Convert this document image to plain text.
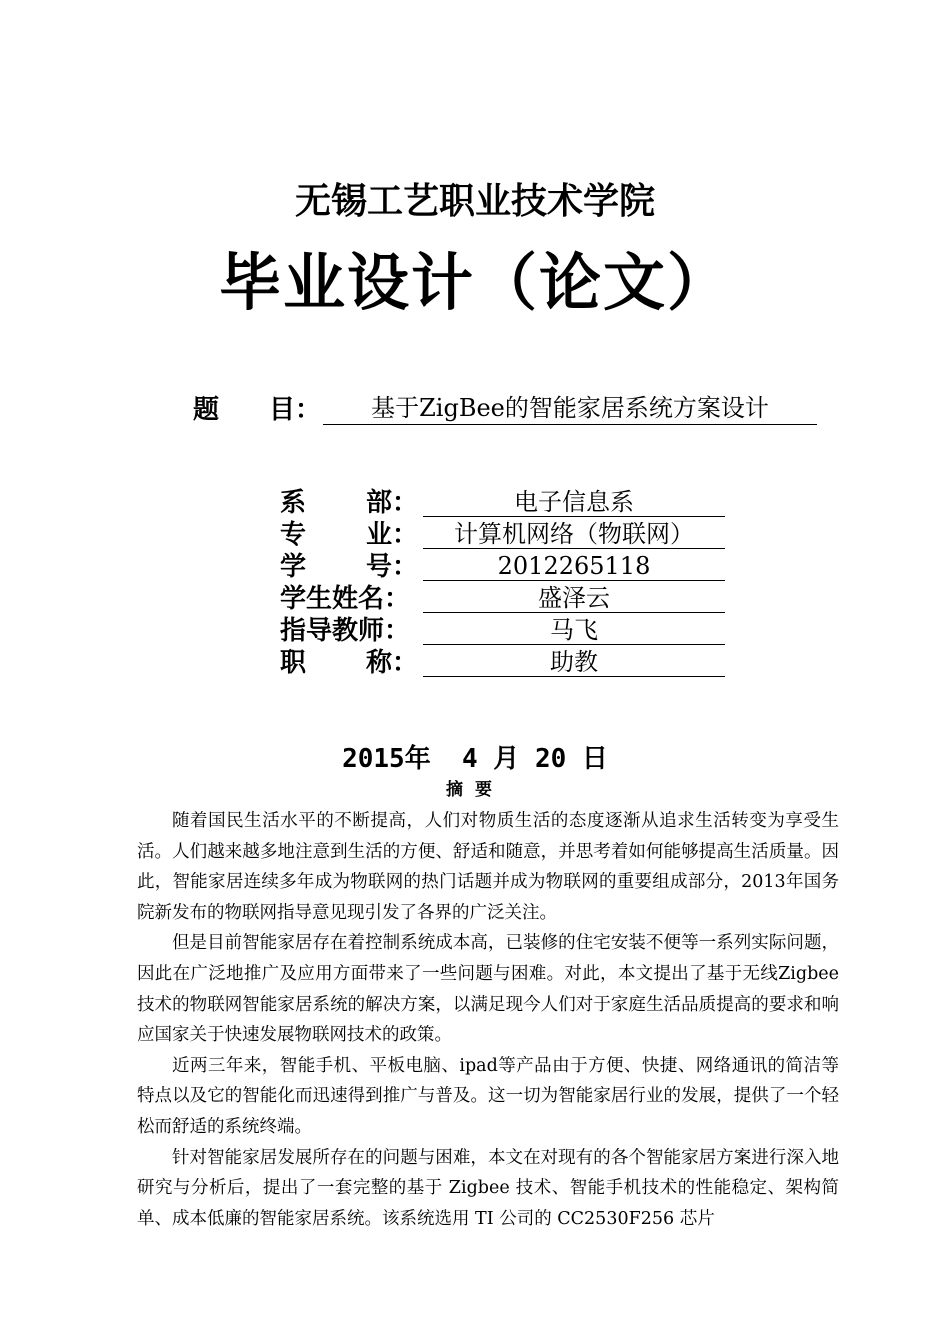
无锡工艺职业技术学院
毕业设计（论文）
题 目：	基于ZigBee的智能家居系统方案设计
系 部：	电子信息系
专 业：	计算机网络（物联网）
学 号：	2012265118
学生姓名：	盛泽云
指导教师：	马飞
职 称：	助教
2015年  4 月 20 日
摘要

随着国民生活水平的不断提高，人们对物质生活的态度逐渐从追求生活转变为享受生活。人们越来越多地注意到生活的方便、舒适和随意，并思考着如何能够提高生活质量。因此，智能家居连续多年成为物联网的热门话题并成为物联网的重要组成部分，2013年国务院新发布的物联网指导意见现引发了各界的广泛关注。

但是目前智能家居存在着控制系统成本高，已装修的住宅安装不便等一系列实际问题，因此在广泛地推广及应用方面带来了一些问题与困难。对此，本文提出了基于无线Zigbee 技术的物联网智能家居系统的解决方案，以满足现今人们对于家庭生活品质提高的要求和响应国家关于快速发展物联网技术的政策。

近两三年来，智能手机、平板电脑、ipad等产品由于方便、快捷、网络通讯的简洁等特点以及它的智能化而迅速得到推广与普及。这一切为智能家居行业的发展，提供了一个轻松而舒适的系统终端。

针对智能家居发展所存在的问题与困难，本文在对现有的各个智能家居方案进行深入地研究与分析后，提出了一套完整的基于 Zigbee 技术、智能手机技术的性能稳定、架构简单、成本低廉的智能家居系统。该系统选用 TI 公司的 CC2530F256 芯片
